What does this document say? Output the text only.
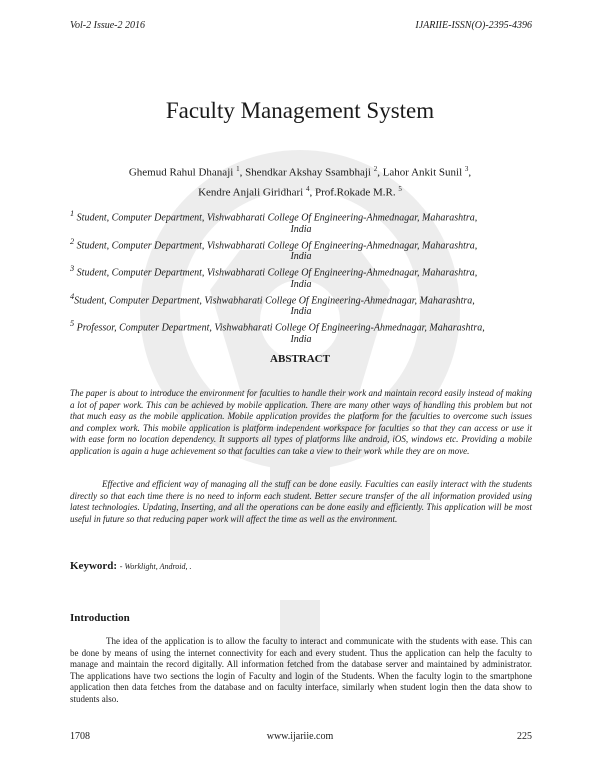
Vol-2 Issue-2 2016	IJARIIE-ISSN(O)-2395-4396
Faculty Management System
Ghemud Rahul Dhanaji $^1$, Shendkar Akshay Ssambhaji $^2$, Lahor Ankit Sunil $^3$,
Kendre Anjali Giridhari $^4$, Prof.Rokade M.R. $^5$
$^1$ Student, Computer Department, Vishwabharati College Of Engineering-Ahmednagar, Maharashtra,
India
$^2$ Student, Computer Department, Vishwabharati College Of Engineering-Ahmednagar, Maharashtra,
India
$^3$ Student, Computer Department, Vishwabharati College Of Engineering-Ahmednagar, Maharashtra,
India
$^4$Student, Computer Department, Vishwabharati College Of Engineering-Ahmednagar, Maharashtra,
India
$^5$ Professor, Computer Department, Vishwabharati College Of Engineering-Ahmednagar, Maharashtra,
India
ABSTRACT
The paper is about to introduce the environment for faculties to handle their work and maintain record easily instead of making a lot of paper work. This can be achieved by mobile application. There are many other ways of handling this problem but not that much easy as the mobile application. Mobile application provides the platform for the faculties to overcome such issues and complex work. This mobile application is platform independent workspace for faculties so that they can access or use it with ease form no location dependency. It supports all types of platforms like android, iOS, windows etc. Providing a mobile application is again a huge achievement so that faculties can take a view to their work while they are on move.
Effective and efficient way of managing all the stuff can be done easily. Faculties can easily interact with the students directly so that each time there is no need to inform each student. Better secure transfer of the all information provided using latest technologies. Updating, Inserting, and all the operations can be done easily and efficiently. This application will be most useful in future so that reducing paper work will affect the time as well as the environment.
Keyword: - Worklight, Android, .
Introduction
The idea of the application is to allow the faculty to interact and communicate with the students with ease. This can be done by means of using the internet connectivity for each and every student. Thus the application can help the faculty to manage and maintain the record digitally. All information fetched from the database server and maintained by administrator. The applications have two sections the login of Faculty and login of the Students. When the faculty login to the smartphone application then data fetches from the database and on faculty interface, similarly when student login then the data show to students also.
1708	www.ijariie.com	225
